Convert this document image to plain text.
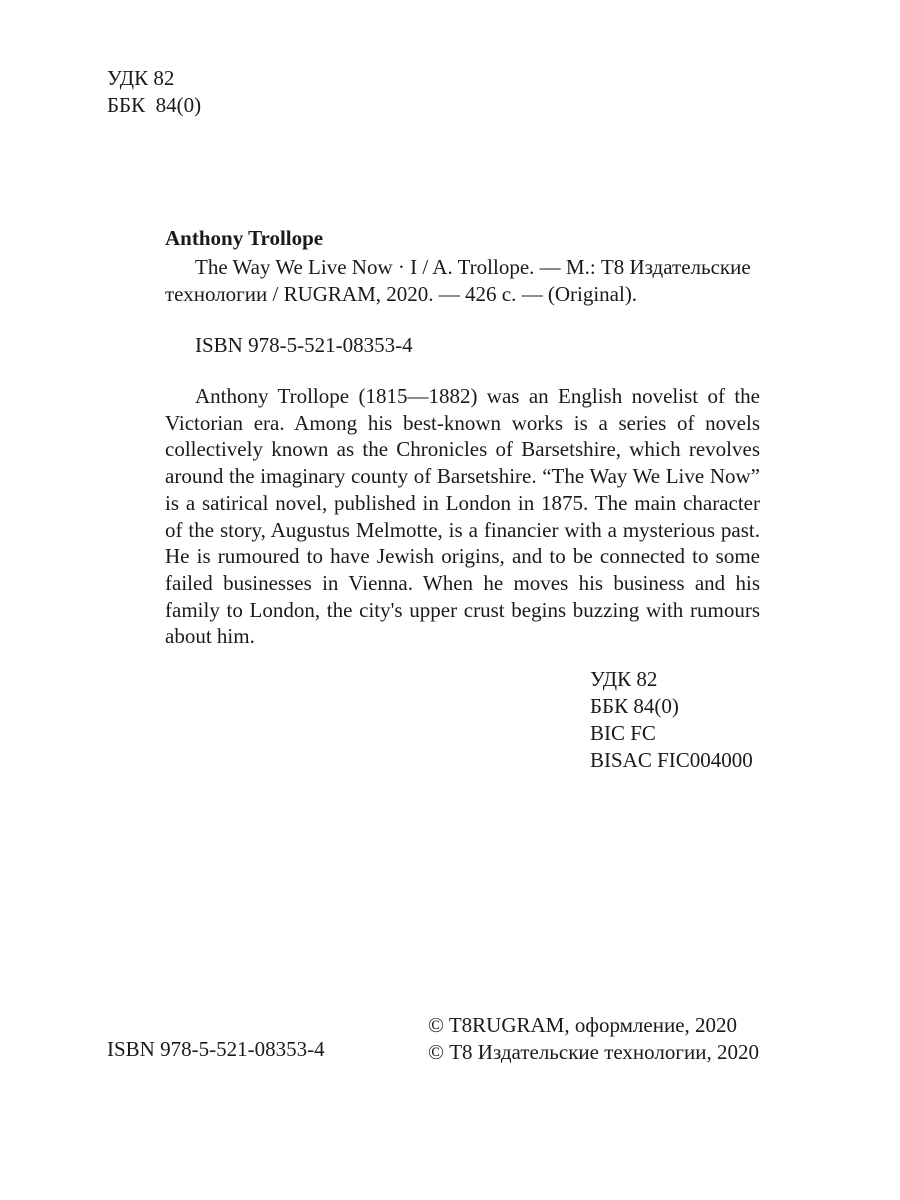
УДК 82
ББК  84(0)

Anthony Trollope

The Way We Live Now · I / A. Trollope. — М.: Т8 Издательские технологии / RUGRAM, 2020. — 426 с. — (Original).

ISBN 978-5-521-08353-4

Anthony Trollope (1815—1882) was an English novelist of the Victorian era. Among his best-known works is a series of novels collectively known as the Chronicles of Barsetshire, which revolves around the imaginary county of Barsetshire. “The Way We Live Now” is a satirical novel, published in London in 1875. The main character of the story, Augustus Melmotte, is a financier with a mysterious past. He is rumoured to have Jewish origins, and to be connected to some failed businesses in Vienna. When he moves his business and his family to London, the city's upper crust begins buzzing with rumours about him.

УДК 82
ББК 84(0)
BIC FC
BISAC FIC004000

ISBN 978-5-521-08353-4

© T8RUGRAM, оформление, 2020
© Т8 Издательские технологии, 2020
